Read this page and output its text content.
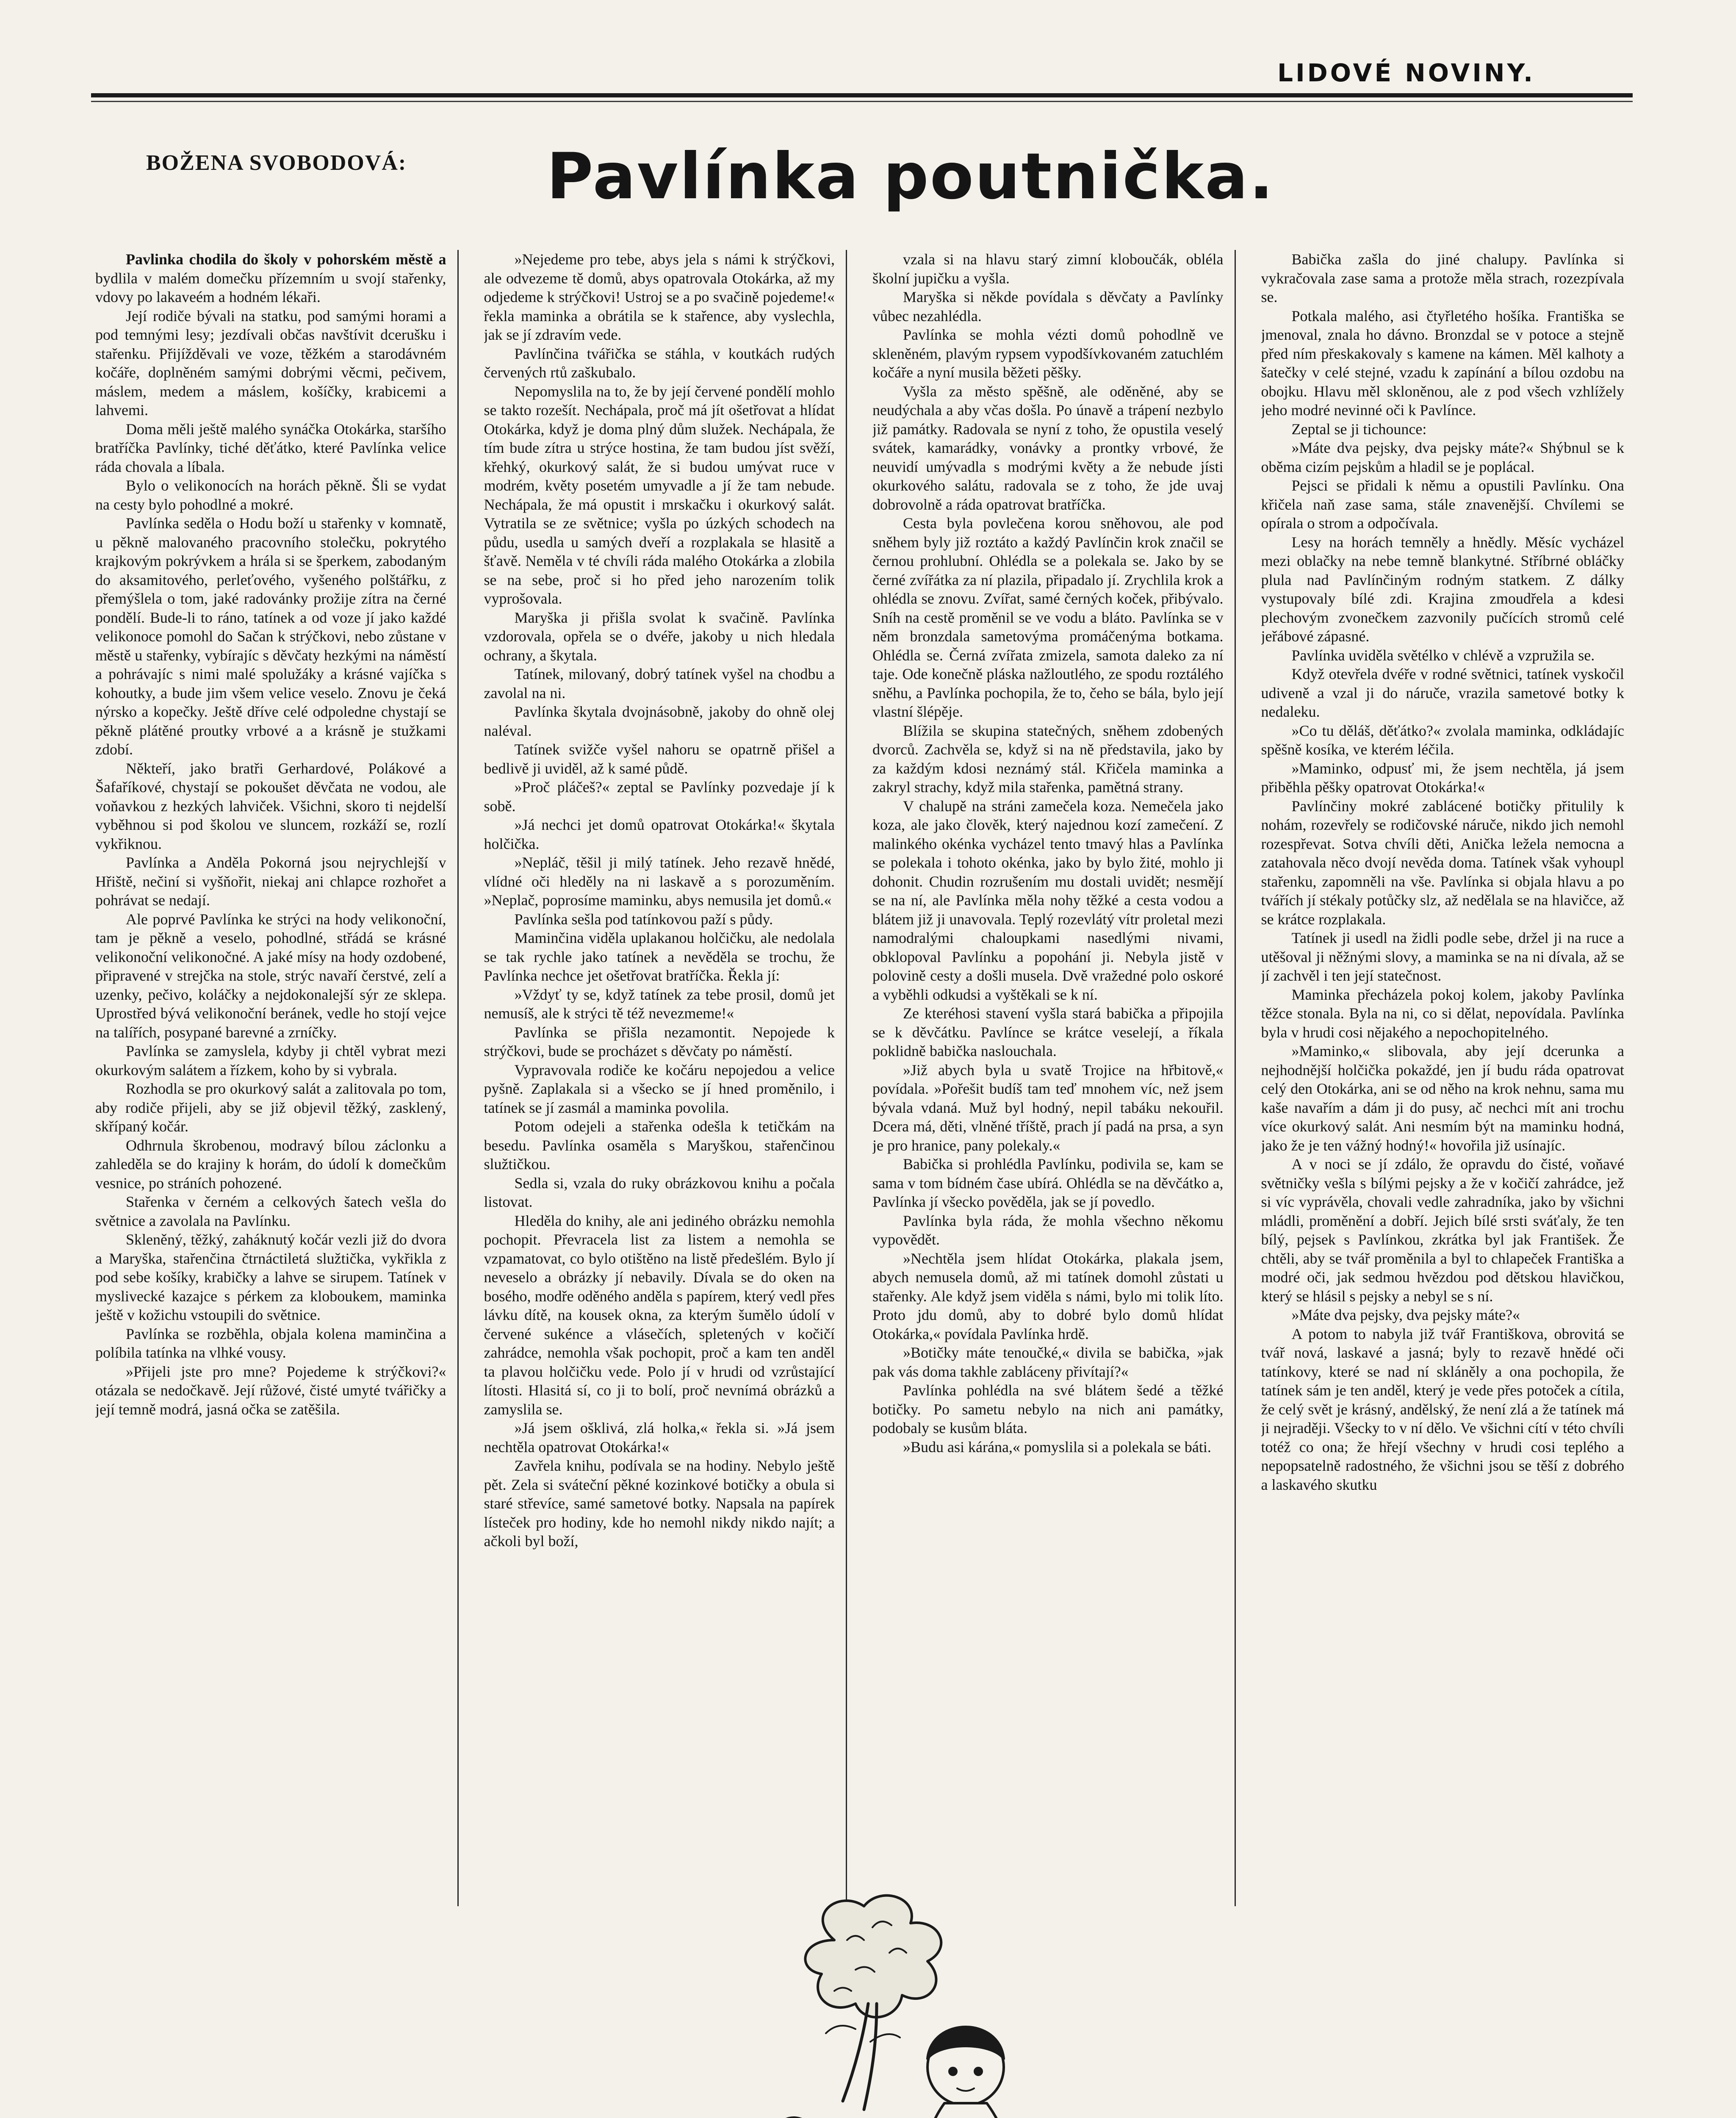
LIDOVÉ NOVINY.
BOŽENA SVOBODOVÁ:	Pavlínka poutnička.

Pavlinka chodila do školy v pohorském městě a bydlila v malém domečku přízemním u svojí stařenky, vdovy po lakaveém a hodném lékaři.

Její rodiče bývali na statku, pod samými horami a pod temnými lesy; jezdívali občas navštívit dcerušku i stařenku. Přijížděvali ve voze, těžkém a starodávném kočáře, doplněném samými dobrými věcmi, pečivem, máslem, medem a máslem, košíčky, krabicemi a lahvemi.

Doma měli ještě malého synáčka Otokárka, staršího bratříčka Pavlínky, tiché děťátko, které Pavlínka velice ráda chovala a líbala.

Bylo o velikonocích na horách pěkně. Šli se vydat na cesty bylo pohodlné a mokré.

Pavlínka seděla o Hodu boží u stařenky v komnatě, u pěkně malovaného pracovního stolečku, pokrytého krajkovým pokrývkem a hrála si se šperkem, zabodaným do aksamitového, perleťového, vyšeného polštářku, z přemýšlela o tom, jaké radovánky prožije zítra na černé pondělí. Bude-li to ráno, tatínek a od voze jí jako každé velikonoce pomohl do Sačan k strýčkovi, nebo zůstane v městě u stařenky, vybírajíc s děvčaty hezkými na náměstí a pohrávajíc s nimi malé spolužáky a krásné vajíčka s kohoutky, a bude jim všem velice veselo. Znovu je čeká nýrsko a kopečky. Ještě dříve celé odpoledne chystají se pěkně plátěné proutky vrbové a a krásně je stužkami zdobí.

Někteří, jako bratři Gerhardové, Polákové a Šafaříkové, chystají se pokoušet děvčata ne vodou, ale voňavkou z hezkých lahviček. Všichni, skoro ti nejdelší vyběhnou si pod školou ve sluncem, rozkáží se, rozlí vykřiknou.

Pavlínka a Anděla Pokorná jsou nejrychlejší v Hřiště, nečiní si vyšňořit, niekaj ani chlapce rozhořet a pohrávat se nedají.

Ale poprvé Pavlínka ke strýci na hody velikonoční, tam je pěkně a veselo, pohodlné, střádá se krásné velikonoční velikonočné. A jaké mísy na hody ozdobené, připravené v strejčka na stole, strýc navaří čerstvé, zelí a uzenky, pečivo, koláčky a nejdokonalejší sýr ze sklepa. Uprostřed bývá velikonoční beránek, vedle ho stojí vejce na talířích, posypané barevné a zrníčky.

Pavlínka se zamyslela, kdyby ji chtěl vybrat mezi okurkovým salátem a řízkem, koho by si vybrala.

Rozhodla se pro okurkový salát a zalitovala po tom, aby rodiče přijeli, aby se již objevil těžký, zasklený, skřípaný kočár.

Odhrnula škrobenou, modravý bílou záclonku a zahleděla se do krajiny k horám, do údolí k domečkům vesnice, po stráních pohozené.

Stařenka v černém a celkových šatech vešla do světnice a zavolala na Pavlínku.

Skleněný, těžký, zaháknutý kočár vezli již do dvora a Maryška, stařenčina čtrnáctiletá služtička, vykřikla z pod sebe košíky, krabičky a lahve se sirupem. Tatínek v myslivecké kazajce s pérkem za kloboukem, maminka ještě v kožichu vstoupili do světnice.

Pavlínka se rozběhla, objala kolena maminčina a políbila tatínka na vlhké vousy.

»Přijeli jste pro mne? Pojedeme k strýčkovi?« otázala se nedočkavě. Její růžové, čisté umyté tvářičky a její temně modrá, jasná očka se zatěšila.

»Nejedeme pro tebe, abys jela s námi k strýčkovi, ale odvezeme tě domů, abys opatrovala Otokárka, až my odjedeme k strýčkovi! Ustroj se a po svačině pojedeme!« řekla maminka a obrátila se k stařence, aby vyslechla, jak se jí zdravím vede.

Pavlínčina tvářička se stáhla, v koutkách rudých červených rtů zaškubalo.

Nepomyslila na to, že by její červené pondělí mohlo se takto rozešít. Nechápala, proč má jít ošetřovat a hlídat Otokárka, když je doma plný dům služek. Nechápala, že tím bude zítra u strýce hostina, že tam budou jíst svěží, křehký, okurkový salát, že si budou umývat ruce v modrém, květy posetém umyvadle a jí že tam nebude. Nechápala, že má opustit i mrskačku i okurkový salát. Vytratila se ze světnice; vyšla po úzkých schodech na půdu, usedla u samých dveří a rozplakala se hlasitě a šťavě. Neměla v té chvíli ráda malého Otokárka a zlobila se na sebe, proč si ho před jeho narozením tolik vyprošovala.

Maryška ji přišla svolat k svačině. Pavlínka vzdorovala, opřela se o dvéře, jakoby u nich hledala ochrany, a škytala.

Tatínek, milovaný, dobrý tatínek vyšel na chodbu a zavolal na ni.

Pavlínka škytala dvojnásobně, jakoby do ohně olej naléval.

Tatínek svižče vyšel nahoru se opatrně přišel a bedlivě ji uviděl, až k samé půdě.

»Proč pláčeš?« zeptal se Pavlínky pozvedaje jí k sobě.

»Já nechci jet domů opatrovat Otokárka!« škytala holčička.

»Nepláč, těšil ji milý tatínek. Jeho rezavě hnědé, vlídné oči hleděly na ni laskavě a s porozuměním. »Neplač, poprosíme maminku, abys nemusila jet domů.«

Pavlínka sešla pod tatínkovou paží s půdy.

Maminčina viděla uplakanou holčičku, ale nedolala se tak rychle jako tatínek a nevěděla se trochu, že Pavlínka nechce jet ošetřovat bratříčka. Řekla jí:

»Vždyť ty se, když tatínek za tebe prosil, domů jet nemusíš, ale k strýci tě též nevezmeme!«

Pavlínka se přišla nezamontit. Nepojede k strýčkovi, bude se procházet s děvčaty po náměstí.

Vypravovala rodiče ke kočáru nepojedou a velice pyšně. Zaplakala si a všecko se jí hned proměnilo, i tatínek se jí zasmál a maminka povolila.

Potom odejeli a stařenka odešla k tetičkám na besedu. Pavlínka osaměla s Maryškou, stařenčinou služtičkou.

Sedla si, vzala do ruky obrázkovou knihu a počala listovat.

Hleděla do knihy, ale ani jediného obrázku nemohla pochopit. Převracela list za listem a nemohla se vzpamatovat, co bylo otištěno na listě předešlém. Bylo jí neveselo a obrázky jí nebavily. Dívala se do oken na bosého, modře oděného anděla s papírem, který vedl přes lávku dítě, na kousek okna, za kterým šumělo údolí v červené sukénce a vlásečích, spletených v kočičí zahrádce, nemohla však pochopit, proč a kam ten anděl ta plavou holčičku vede. Polo jí v hrudi od vzrůstající lítosti. Hlasitá sí, co ji to bolí, proč nevnímá obrázků a zamyslila se.

»Já jsem ošklivá, zlá holka,« řekla si. »Já jsem nechtěla opatrovat Otokárka!«

Zavřela knihu, podívala se na hodiny. Nebylo ještě pět. Zela si sváteční pěkné kozinkové botičky a obula si staré střevíce, samé sametové botky. Napsala na papírek lísteček pro hodiny, kde ho nemohl nikdy nikdo najít; a ačkoli byl boží,

vzala si na hlavu starý zimní kloboučák, obléla školní jupičku a vyšla.

Maryška si někde povídala s děvčaty a Pavlínky vůbec nezahlédla.

Pavlínka se mohla vézti domů pohodlně ve skleněném, plavým rypsem vypodšívkovaném zatuchlém kočáře a nyní musila běžeti pěšky.

Vyšla za město spěšně, ale oděněné, aby se neudýchala a aby včas došla. Po únavě a trápení nezbylo již památky. Radovala se nyní z toho, že opustila veselý svátek, kamarádky, vonávky a prontky vrbové, že neuvidí umývadla s modrými květy a že nebude jísti okurkového salátu, radovala se z toho, že jde uvaj dobrovolně a ráda opatrovat bratříčka.

Cesta byla povlečena korou sněhovou, ale pod sněhem byly již roztáto a každý Pavlínčin krok značil se černou prohlubní. Ohlédla se a polekala se. Jako by se černé zvířátka za ní plazila, připadalo jí. Zrychlila krok a ohlédla se znovu. Zvířat, samé černých koček, přibývalo. Sníh na cestě proměnil se ve vodu a bláto. Pavlínka se v něm bronzdala sametovýma promáčenýma botkama. Ohlédla se. Černá zvířata zmizela, samota daleko za ní taje. Ode konečně pláska nažloutlého, ze spodu roztálého sněhu, a Pavlínka pochopila, že to, čeho se bála, bylo její vlastní šlépěje.

Blížila se skupina statečných, sněhem zdobených dvorců. Zachvěla se, když si na ně představila, jako by za každým kdosi neznámý stál. Křičela maminka a zakryl strachy, když mila stařenka, pamětná strany.

V chalupě na stráni zamečela koza. Nemečela jako koza, ale jako člověk, který najednou kozí zamečení. Z malinkého okénka vycházel tento tmavý hlas a Pavlínka se polekala i tohoto okénka, jako by bylo žité, mohlo ji dohonit. Chudin rozrušením mu dostali uvidět; nesmějí se na ní, ale Pavlínka měla nohy těžké a cesta vodou a blátem již ji unavovala. Teplý rozevlátý vítr proletal mezi namodralými chaloupkami nasedlými nivami, obklopoval Pavlínku a popohání ji. Nebyla jistě v polovině cesty a došli musela. Dvě vražedné polo oskoré a vyběhli odkudsi a vyštěkali se k ní.

Ze kteréhosi stavení vyšla stará babička a připojila se k děvčátku. Pavlínce se krátce veselejí, a říkala poklidně babička naslouchala.

»Již abych byla u svatě Trojice na hřbitově,« povídala. »Pořešit budíš tam teď mnohem víc, než jsem bývala vdaná. Muž byl hodný, nepil tabáku nekouřil. Dcera má, děti, vlněné tříště, prach jí padá na prsa, a syn je pro hranice, pany polekaly.«

Babička si prohlédla Pavlínku, podivila se, kam se sama v tom bídném čase ubírá. Ohlédla se na děvčátko a, Pavlínka jí všecko pověděla, jak se jí povedlo.

Pavlínka byla ráda, že mohla všechno někomu vypovědět.

»Nechtěla jsem hlídat Otokárka, plakala jsem, abych nemusela domů, až mi tatínek domohl zůstati u stařenky. Ale když jsem viděla s námi, bylo mi tolik líto. Proto jdu domů, aby to dobré bylo domů hlídat Otokárka,« povídala Pavlínka hrdě.

»Botičky máte tenoučké,« divila se babička, »jak pak vás doma takhle zabláceny přivítají?«

Pavlínka pohlédla na své blátem šedé a těžké botičky. Po sametu nebylo na nich ani památky, podobaly se kusům bláta.

»Budu asi kárána,« pomyslila si a polekala se báti.

Babička zašla do jiné chalupy. Pavlínka si vykračovala zase sama a protože měla strach, rozezpívala se.

Potkala malého, asi čtyřletého hošíka. Františka se jmenoval, znala ho dávno. Bronzdal se v potoce a stejně před ním přeskakovaly s kamene na kámen. Měl kalhoty a šatečky v celé stejné, vzadu k zapínání a bílou ozdobu na obojku. Hlavu měl skloněnou, ale z pod všech vzhlížely jeho modré nevinné oči k Pavlínce.

Zeptal se ji tichounce:

»Máte dva pejsky, dva pejsky máte?« Shýbnul se k oběma cizím pejskům a hladil se je poplácal.

Pejsci se přidali k němu a opustili Pavlínku. Ona křičela naň zase sama, stále znavenější. Chvílemi se opírala o strom a odpočívala.

Lesy na horách temněly a hnědly. Měsíc vycházel mezi oblačky na nebe temně blankytné. Stříbrné obláčky plula nad Pavlínčiným rodným statkem. Z dálky vystupovaly bílé zdi. Krajina zmoudřela a kdesi plechovým zvonečkem zazvonily pučících stromů celé jeřábové zápasné.

Pavlínka uviděla světélko v chlévě a vzpružila se.

Když otevřela dvéře v rodné světnici, tatínek vyskočil udiveně a vzal ji do náruče, vrazila sametové botky k nedaleku.

»Co tu děláš, děťátko?« zvolala maminka, odkládajíc spěšně kosíka, ve kterém léčila.

»Maminko, odpusť mi, že jsem nechtěla, já jsem přiběhla pěšky opatrovat Otokárka!«

Pavlínčiny mokré zablácené botičky přitulily k nohám, rozevřely se rodičovské náruče, nikdo jich nemohl rozespřevat. Sotva chvíli děti, Anička ležela nemocna a zatahovala něco dvojí nevěda doma. Tatínek však vyhoupl stařenku, zapomněli na vše. Pavlínka si objala hlavu a po tvářích jí stékaly potůčky slz, až nedělala se na hlavičce, až se krátce rozplakala.

Tatínek ji usedl na židli podle sebe, držel ji na ruce a utěšoval ji něžnými slovy, a maminka se na ni dívala, až se jí zachvěl i ten její statečnost.

Maminka přecházela pokoj kolem, jakoby Pavlínka těžce stonala. Byla na ni, co si dělat, nepovídala. Pavlínka byla v hrudi cosi nějakého a nepochopitelného.

»Maminko,« slibovala, aby její dcerunka a nejhodnější holčička pokaždé, jen jí budu ráda opatrovat celý den Otokárka, ani se od něho na krok nehnu, sama mu kaše navařím a dám ji do pusy, ač nechci mít ani trochu více okurkový salát. Ani nesmím být na maminku hodná, jako že je ten vážný hodný!« hovořila již usínajíc.

A v noci se jí zdálo, že opravdu do čisté, voňavé světničky vešla s bílými pejsky a že v kočičí zahrádce, jež si víc vyprávěla, chovali vedle zahradníka, jako by všichni mládli, proměnění a dobří. Jejich bílé srsti sváťaly, že ten bílý, pejsek s Pavlínkou, zkrátka byl jak František. Že chtěli, aby se tvář proměnila a byl to chlapeček Františka a modré oči, jak sedmou hvězdou pod dětskou hlavičkou, který se hlásil s pejsky a nebyl se s ní.

»Máte dva pejsky, dva pejsky máte?«

A potom to nabyla již tvář Františkova, obrovitá se tvář nová, laskavé a jasná; byly to rezavě hnědé oči tatínkovy, které se nad ní skláněly a ona pochopila, že tatínek sám je ten anděl, který je vede přes potoček a cítila, že celý svět je krásný, andělský, že není zlá a že tatínek má ji nejraději. Všecky to v ní dělo. Ve všichni cítí v této chvíli totéž co ona; že hřejí všechny v hrudi cosi teplého a nepopsatelně radostného, že všichni jsou se těší z dobrého a laskavého skutku
